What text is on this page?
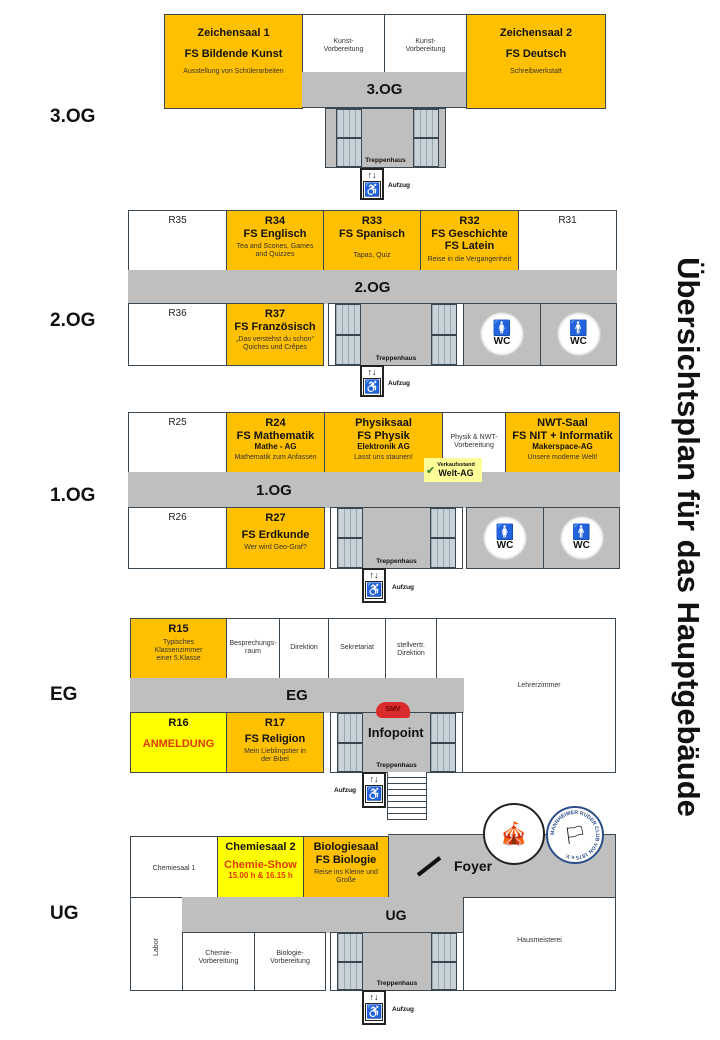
Übersichtsplan für das Hauptgebäude
3.OG
Zeichensaal 1
FS Bildende Kunst
Ausstellung von Schülerarbeiten
Kunst-Vorbereitung
Kunst-Vorbereitung
3.OG
Zeichensaal 2
FS Deutsch
Schreibwerkstatt
Treppenhaus
↑↓
♿ Aufzug
2.OG
R35	R34
FS Englisch
Tea and Scones, Games and Quizzes
R33
FS Spanisch
Tapas, Quiz
R32
FS Geschichte FS Latein
Reise in die Vergangenheit
R31
2.OG
R36	R37
FS Französisch
„Das verstehst du schon“ Quiches und Crêpes
Treppenhaus
🚺
WC
🚹
WC
↑↓
♿ Aufzug
1.OG
R25	R24
FS Mathematik
Mathe - AG
Mathematik zum Anfassen
Physiksaal
FS Physik
Elektronik AG
Lasst uns staunen!
Physik & NWT-Vorbereitung
NWT-Saal
FS NIT + Informatik
Makerspace-AG
Unsere moderne Welt!
1.OG
✔ Verkaufsstand
Welt-AG
R26	R27
FS Erdkunde
Wer wird Geo-Graf?
Treppenhaus
🚺
WC
🚹
WC
↑↓
♿ Aufzug
EG
R15
Typisches Klassenzimmer einer 5.Klasse
Besprechungs-raum
Direktion	Sekretariat	stellvertr. Direktion
Lehrerzimmer
EG
R16
ANMELDUNG
R17
FS Religion
Mein Lieblingstier in der Bibel
Treppenhaus
SMV
Infopoint
↑↓
♿
Aufzug
UG
Foyer
Chemiesaal 1
Chemiesaal 2
Chemie-Show
15.00 h & 16.15 h
Biologiesaal
FS Biologie
Reise ins Kleine und Große
Labor
UG
Chemie-Vorbereitung
Biologie-Vorbereitung
Treppenhaus
Hausmeisterei
↑↓
♿ Aufzug
🎪	MANNHEIMER RUDER CLUB VON 1875 e.V.
🏳
